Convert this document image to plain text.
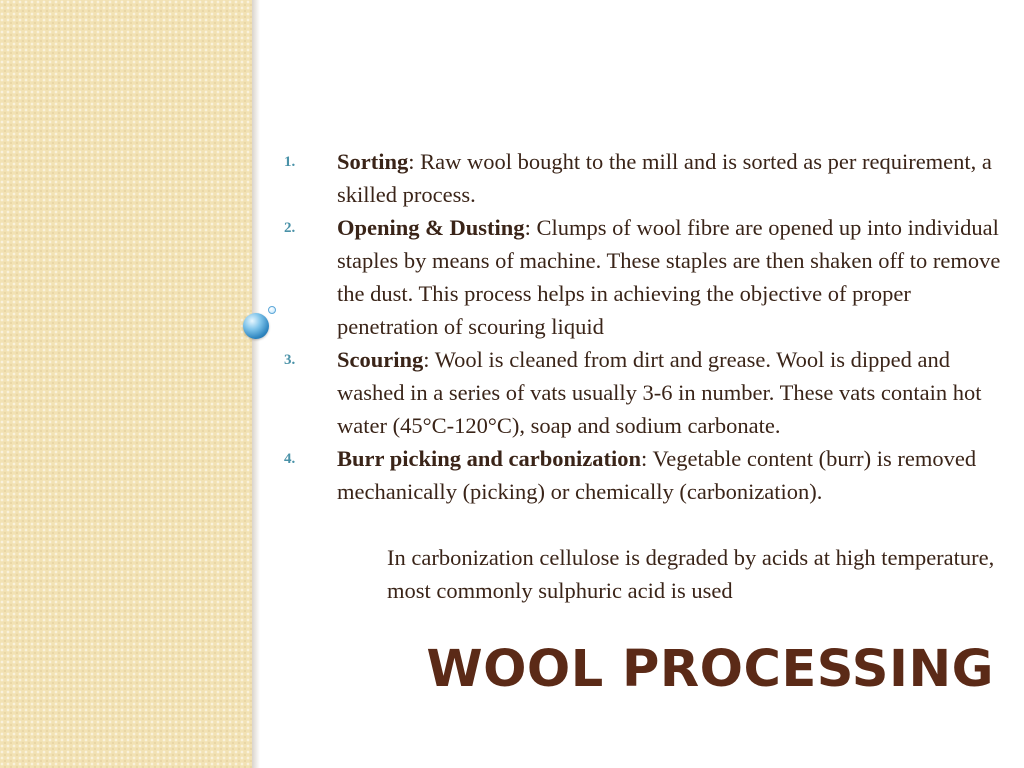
1. Sorting: Raw wool bought to the mill and is sorted as per requirement, a skilled process.
2. Opening & Dusting: Clumps of wool fibre are opened up into individual staples by means of machine. These staples are then shaken off to remove the dust. This process helps in achieving the objective of proper penetration of scouring liquid
3. Scouring: Wool is cleaned from dirt and grease. Wool is dipped and washed in a series of vats usually 3-6 in number. These vats contain hot water (45°C-120°C), soap and sodium carbonate.
4. Burr picking and carbonization: Vegetable content (burr) is removed mechanically (picking) or chemically (carbonization).
In carbonization cellulose is degraded by acids at high temperature, most commonly sulphuric acid is used
WOOL PROCESSING
